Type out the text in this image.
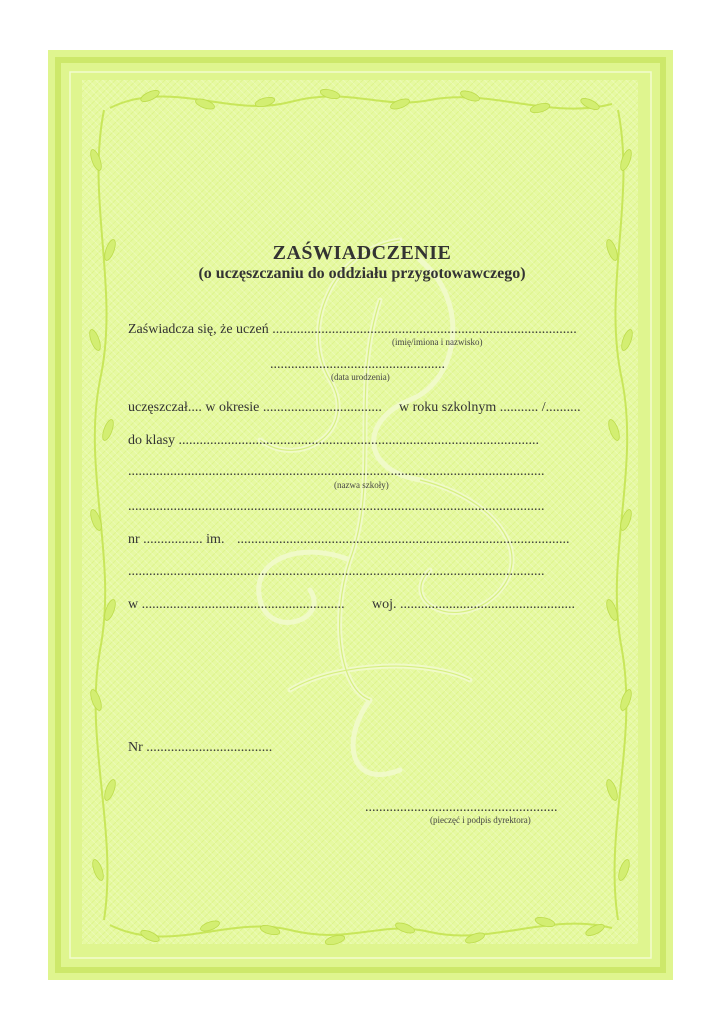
ZAŚWIADCZENIE
(o uczęszczaniu do oddziału przygotowawczego)
Zaświadcza się, że uczeń .......................................................................................
(imię/imiona i nazwisko)
..................................................
(data urodzenia)
uczęszczał.... w okresie .................................. w roku szkolnym ........... /..........
do klasy .......................................................................................................
.......................................................................................................................
(nazwa szkoły)
.......................................................................................................................
nr ................. im. ...............................................................................................
.......................................................................................................................
w .......................................................... woj. ..................................................
Nr ....................................
.......................................................
(pieczęć i podpis dyrektora)
